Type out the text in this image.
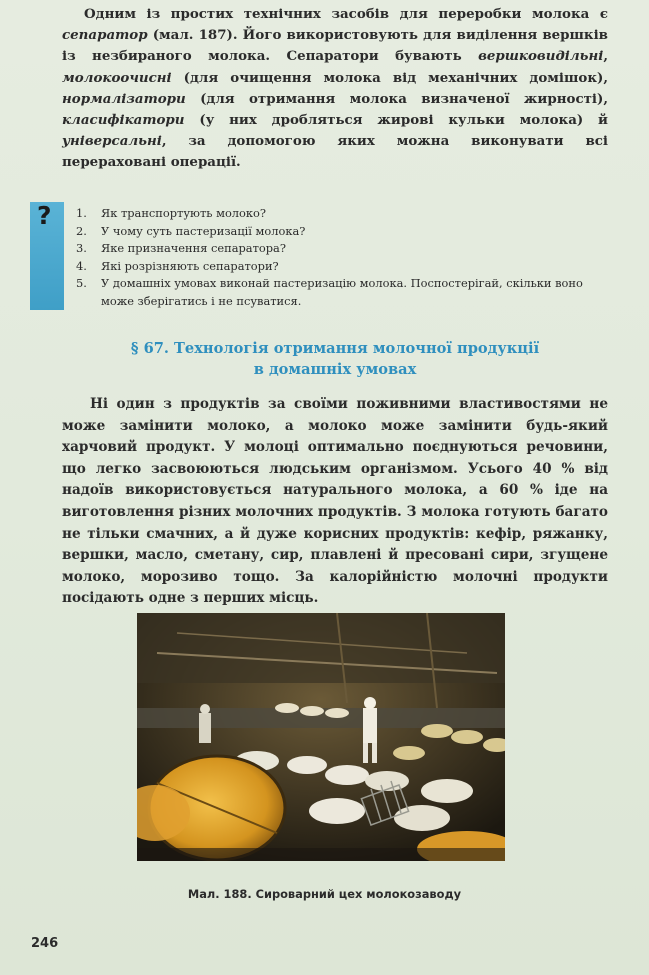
Одним із простих технічних засобів для переробки молока є сепаратор (мал. 187). Його використовують для виділення вершків із незбираного молока. Сепаратори бувають вершковидільні, молокоочисні (для очищення молока від механічних домішок), нормалізатори (для отримання молока визначеної жирності), класифікатори (у них дробляться жирові кульки молока) й універсальні, за допомогою яких можна виконувати всі перераховані операції.

? 1.	Як транспортують молоко?
2.	У чому суть пастеризації молока?
3.	Яке призначення сепаратора?
4.	Які розрізняють сепаратори?
5.	У домашніх умовах виконай пастеризацію молока. Поспостерігай, скільки воно може зберігатись і не псуватися.
§ 67. Технологія отримання молочної продукції
в домашніх умовах

Ні один з продуктів за своїми поживними властивостями не може замінити молоко, а молоко може замінити будь-який харчовий продукт. У молоці оптимально поєднуються речовини, що легко засвоюються людським організмом. Усього 40 % від надоїв використовується натурального молока, а 60 % іде на виготовлення різних молочних продуктів. З молока готують багато не тільки смачних, а й дуже корисних продуктів: кефір, ряжанку, вершки, масло, сметану, сир, плавлені й пресовані сири, згущене молоко, морозиво тощо. За калорійністю молочні продукти посідають одне з перших місць.

Мал. 188. Сироварний цех молокозаводу
246
